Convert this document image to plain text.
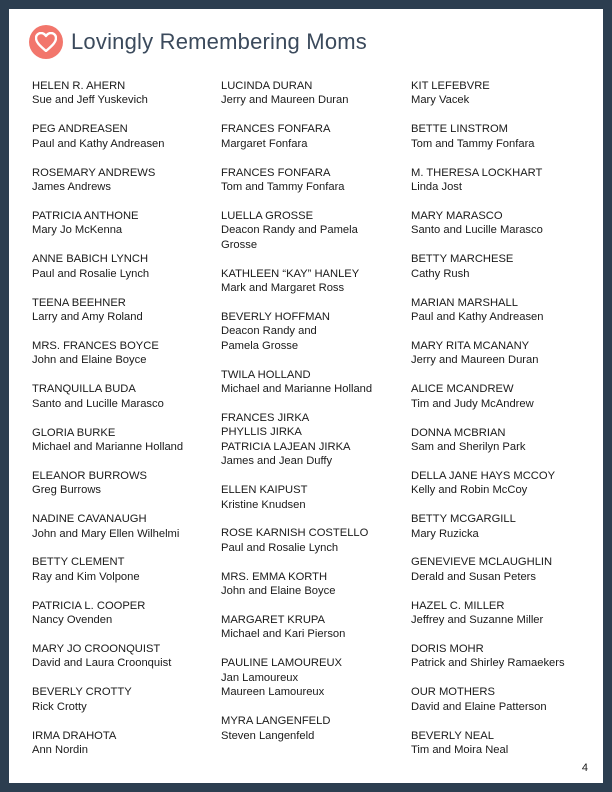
Lovingly Remembering Moms
HELEN R. AHERN
Sue and Jeff Yuskevich
PEG ANDREASEN
Paul and Kathy Andreasen
ROSEMARY ANDREWS
James Andrews
PATRICIA ANTHONE
Mary Jo McKenna
ANNE BABICH LYNCH
Paul and Rosalie Lynch
TEENA BEEHNER
Larry and Amy Roland
MRS. FRANCES BOYCE
John and Elaine Boyce
TRANQUILLA BUDA
Santo and Lucille Marasco
GLORIA BURKE
Michael and Marianne Holland
ELEANOR BURROWS
Greg Burrows
NADINE CAVANAUGH
John and Mary Ellen Wilhelmi
BETTY CLEMENT
Ray and Kim Volpone
PATRICIA L. COOPER
Nancy Ovenden
MARY JO CROONQUIST
David and Laura Croonquist
BEVERLY CROTTY
Rick Crotty
IRMA DRAHOTA
Ann Nordin
LUCINDA DURAN
Jerry and Maureen Duran
FRANCES FONFARA
Margaret Fonfara
FRANCES FONFARA
Tom and Tammy Fonfara
LUELLA GROSSE
Deacon Randy and Pamela
Grosse
KATHLEEN “KAY” HANLEY
Mark and Margaret Ross
BEVERLY HOFFMAN
Deacon Randy and
Pamela Grosse
TWILA HOLLAND
Michael and Marianne Holland
FRANCES JIRKA
PHYLLIS JIRKA
PATRICIA LAJEAN JIRKA
James and Jean Duffy
ELLEN KAIPUST
Kristine Knudsen
ROSE KARNISH COSTELLO
Paul and Rosalie Lynch
MRS. EMMA KORTH
John and Elaine Boyce
MARGARET KRUPA
Michael and Kari Pierson
PAULINE LAMOUREUX
Jan Lamoureux
Maureen Lamoureux
MYRA LANGENFELD
Steven Langenfeld
KIT LEFEBVRE
Mary Vacek
BETTE LINSTROM
Tom and Tammy Fonfara
M. THERESA LOCKHART
Linda Jost
MARY MARASCO
Santo and Lucille Marasco
BETTY MARCHESE
Cathy Rush
MARIAN MARSHALL
Paul and Kathy Andreasen
MARY RITA MCANANY
Jerry and Maureen Duran
ALICE MCANDREW
Tim and Judy McAndrew
DONNA MCBRIAN
Sam and Sherilyn Park
DELLA JANE HAYS MCCOY
Kelly and Robin McCoy
BETTY MCGARGILL
Mary Ruzicka
GENEVIEVE MCLAUGHLIN
Derald and Susan Peters
HAZEL C. MILLER
Jeffrey and Suzanne Miller
DORIS MOHR
Patrick and Shirley Ramaekers
OUR MOTHERS
David and Elaine Patterson
BEVERLY NEAL
Tim and Moira Neal
4
